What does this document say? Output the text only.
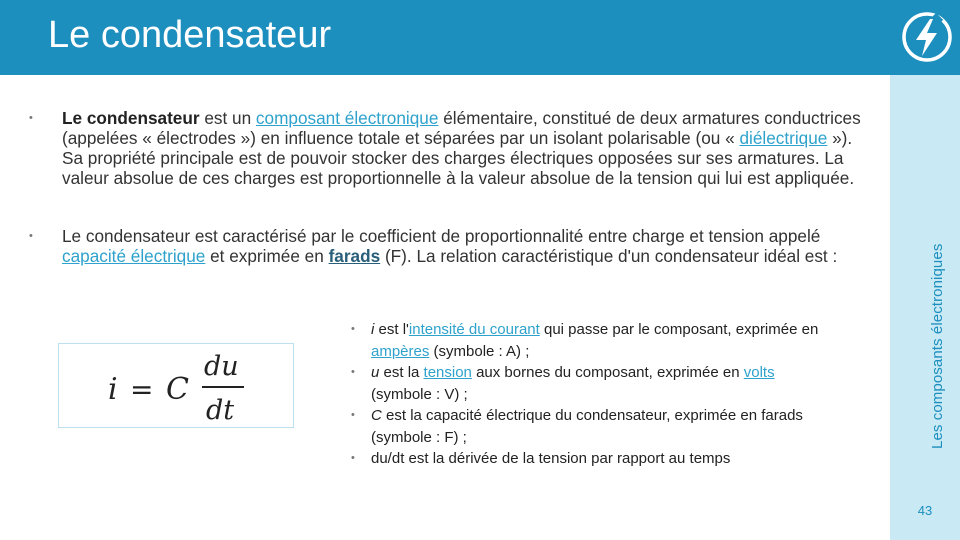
Le condensateur
Les composants électroniques
43
• Le condensateur est un composant électronique élémentaire, constitué de deux armatures conductrices (appelées « électrodes ») en influence totale et séparées par un isolant polarisable (ou « diélectrique »). Sa propriété principale est de pouvoir stocker des charges électriques opposées sur ses armatures. La valeur absolue de ces charges est proportionnelle à la valeur absolue de la tension qui lui est appliquée.
• Le condensateur est caractérisé par le coefficient de proportionnalité entre charge et tension appelé capacité électrique et exprimée en farads (F). La relation caractéristique d'un condensateur idéal est :
i = C
du
dt
• i est l'intensité du courant qui passe par le composant, exprimée en ampères (symbole : A) ;
• u est la tension aux bornes du composant, exprimée en volts (symbole : V) ;
• C est la capacité électrique du condensateur, exprimée en farads (symbole : F) ;
• du/dt est la dérivée de la tension par rapport au temps
